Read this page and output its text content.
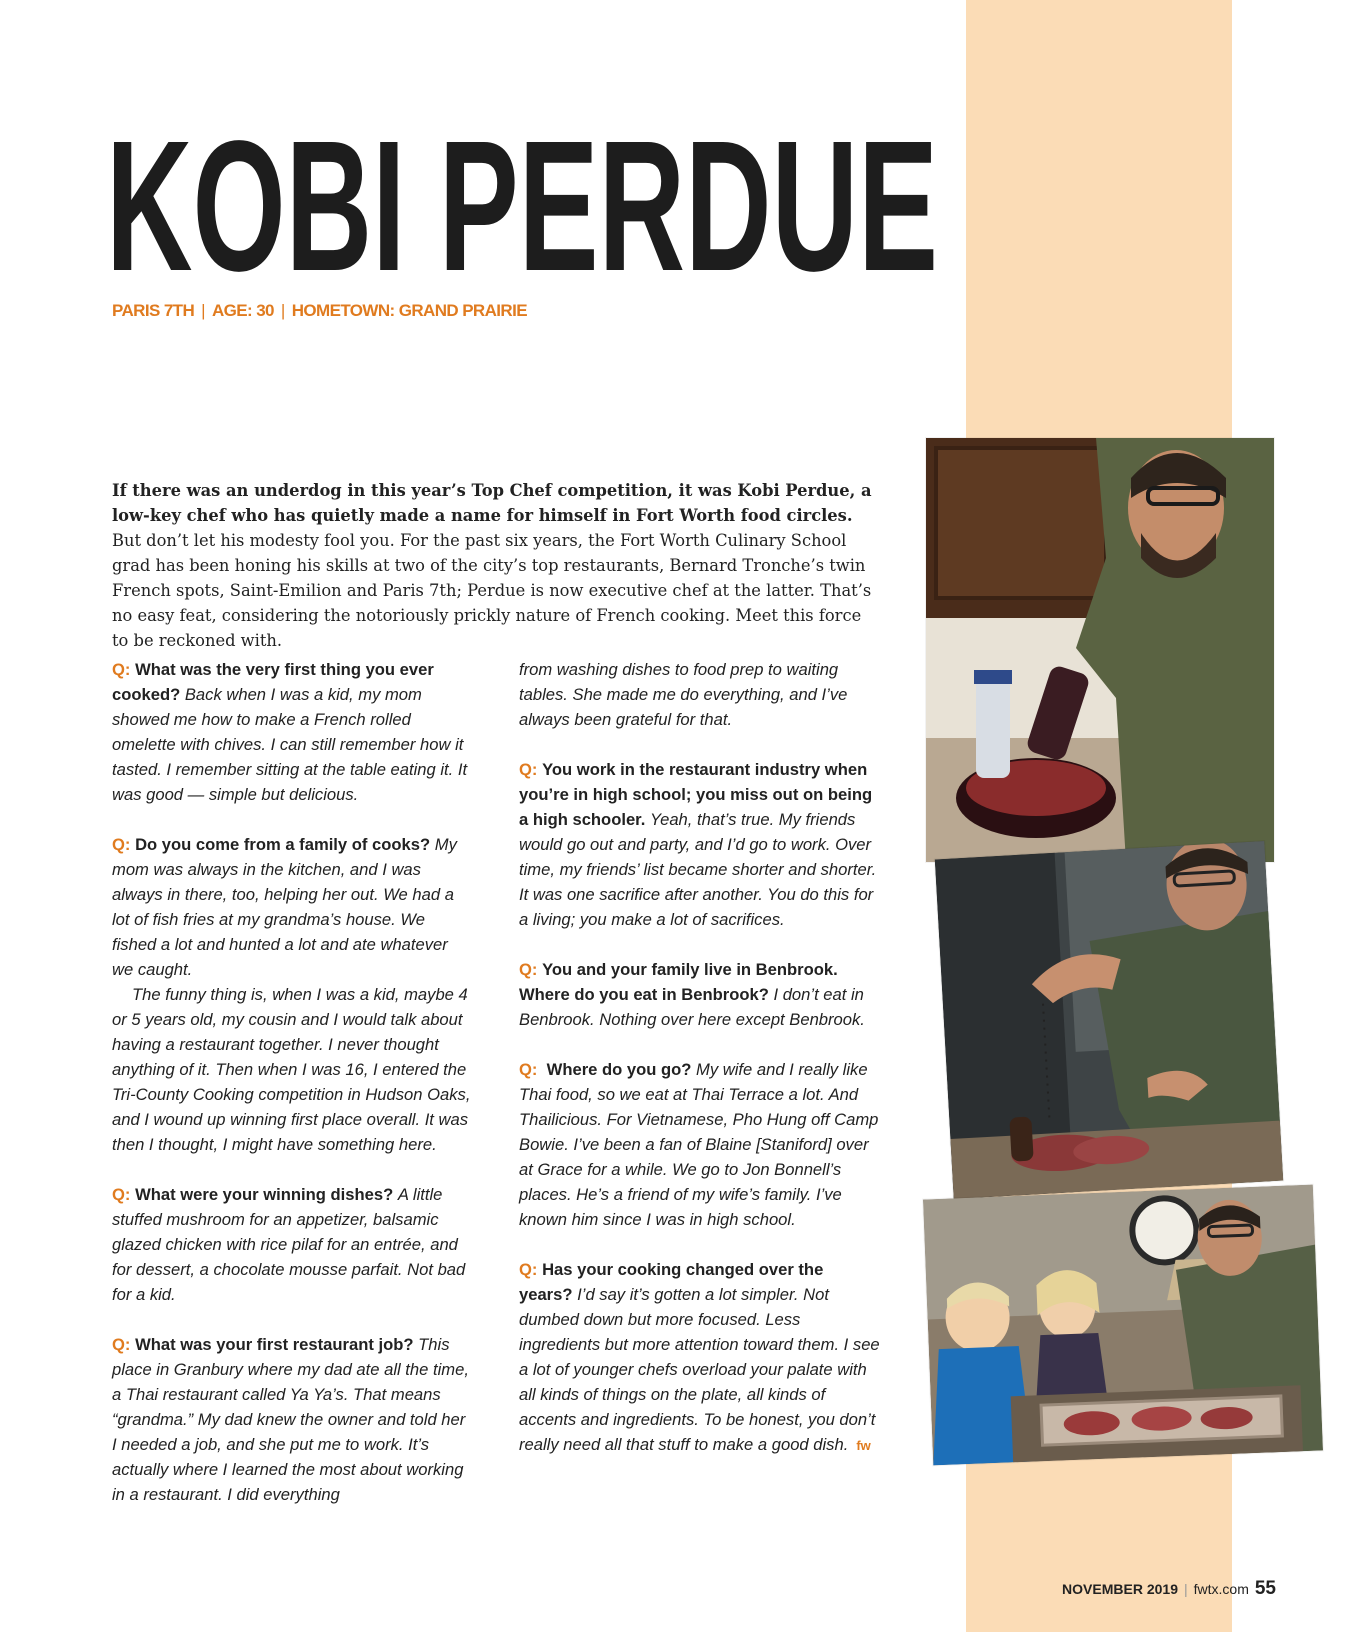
KOBI PERDUE
PARIS 7TH | AGE: 30 | HOMETOWN: GRAND PRAIRIE
If there was an underdog in this year’s Top Chef competition, it was Kobi Perdue, a low-key chef who has quietly made a name for himself in Fort Worth food circles. But don’t let his modesty fool you. For the past six years, the Fort Worth Culinary School grad has been honing his skills at two of the city’s top restaurants, Bernard Tronche’s twin French spots, Saint-Emilion and Paris 7th; Perdue is now executive chef at the latter. That’s no easy feat, considering the notoriously prickly nature of French cooking. Meet this force to be reckoned with.

Q: What was the very first thing you ever cooked? Back when I was a kid, my mom showed me how to make a French rolled omelette with chives. I can still remember how it tasted. I remember sitting at the table eating it. It was good — simple but delicious.

Q: Do you come from a family of cooks? My mom was always in the kitchen, and I was always in there, too, helping her out. We had a lot of fish fries at my grandma’s house. We fished a lot and hunted a lot and ate whatever we caught.
The funny thing is, when I was a kid, maybe 4 or 5 years old, my cousin and I would talk about having a restaurant together. I never thought anything of it. Then when I was 16, I entered the Tri-County Cooking competition in Hudson Oaks, and I wound up winning first place overall. It was then I thought, I might have something here.

Q: What were your winning dishes? A little stuffed mushroom for an appetizer, balsamic glazed chicken with rice pilaf for an entrée, and for dessert, a chocolate mousse parfait. Not bad for a kid.

Q: What was your first restaurant job? This place in Granbury where my dad ate all the time, a Thai restaurant called Ya Ya’s. That means “grandma.” My dad knew the owner and told her I needed a job, and she put me to work. It’s actually where I learned the most about working in a restaurant. I did everything

from washing dishes to food prep to waiting tables. She made me do everything, and I’ve always been grateful for that.

Q: You work in the restaurant industry when you’re in high school; you miss out on being a high schooler. Yeah, that’s true. My friends would go out and party, and I’d go to work. Over time, my friends’ list became shorter and shorter. It was one sacrifice after another. You do this for a living; you make a lot of sacrifices.

Q: You and your family live in Benbrook. Where do you eat in Benbrook? I don’t eat in Benbrook. Nothing over here except Benbrook.

Q: Where do you go? My wife and I really like Thai food, so we eat at Thai Terrace a lot. And Thailicious. For Vietnamese, Pho Hung off Camp Bowie. I’ve been a fan of Blaine [Staniford] over at Grace for a while. We go to Jon Bonnell’s places. He’s a friend of my wife’s family. I’ve known him since I was in high school.

Q: Has your cooking changed over the years? I’d say it’s gotten a lot simpler. Not dumbed down but more focused. Less ingredients but more attention toward them. I see a lot of younger chefs overload your palate with all kinds of things on the plate, all kinds of accents and ingredients. To be honest, you don’t really need all that stuff to make a good dish. fw

NOVEMBER 2019 | fwtx.com 55
